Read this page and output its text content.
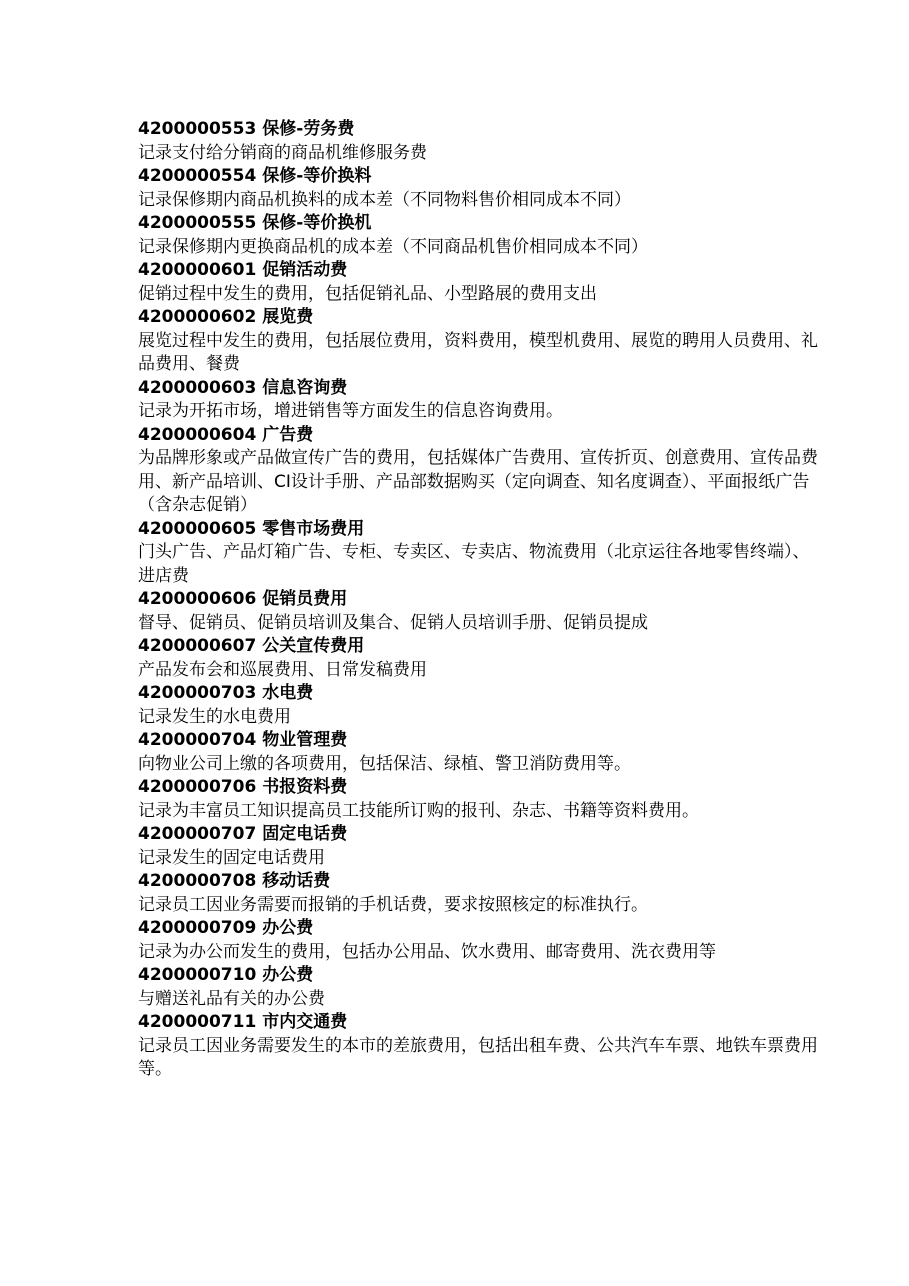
4200000553 保修-劳务费
记录支付给分销商的商品机维修服务费
4200000554 保修-等价换料
记录保修期内商品机换料的成本差（不同物料售价相同成本不同）
4200000555 保修-等价换机
记录保修期内更换商品机的成本差（不同商品机售价相同成本不同）
4200000601 促销活动费
促销过程中发生的费用，包括促销礼品、小型路展的费用支出
4200000602 展览费
展览过程中发生的费用，包括展位费用，资料费用，模型机费用、展览的聘用人员费用、礼品费用、餐费
4200000603 信息咨询费
记录为开拓市场，增进销售等方面发生的信息咨询费用。
4200000604 广告费
为品牌形象或产品做宣传广告的费用，包括媒体广告费用、宣传折页、创意费用、宣传品费用、新产品培训、CI设计手册、产品部数据购买（定向调查、知名度调查）、平面报纸广告（含杂志促销）
4200000605 零售市场费用
门头广告、产品灯箱广告、专柜、专卖区、专卖店、物流费用（北京运往各地零售终端）、进店费
4200000606 促销员费用
督导、促销员、促销员培训及集合、促销人员培训手册、促销员提成
4200000607 公关宣传费用
产品发布会和巡展费用、日常发稿费用
4200000703 水电费
记录发生的水电费用
4200000704 物业管理费
向物业公司上缴的各项费用，包括保洁、绿植、警卫消防费用等。
4200000706 书报资料费
记录为丰富员工知识提高员工技能所订购的报刊、杂志、书籍等资料费用。
4200000707 固定电话费
记录发生的固定电话费用
4200000708 移动话费
记录员工因业务需要而报销的手机话费，要求按照核定的标准执行。
4200000709 办公费
记录为办公而发生的费用，包括办公用品、饮水费用、邮寄费用、洗衣费用等
4200000710 办公费
与赠送礼品有关的办公费
4200000711 市内交通费
记录员工因业务需要发生的本市的差旅费用，包括出租车费、公共汽车车票、地铁车票费用等。
